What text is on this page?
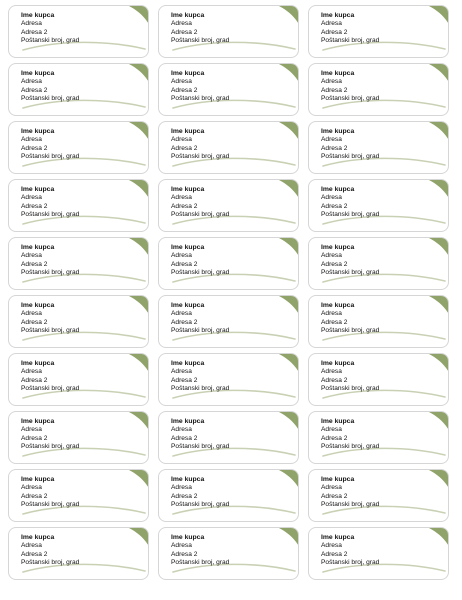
Ime kupca
Adresa
Adresa 2
Poštanski broj, grad
Ime kupca
Adresa
Adresa 2
Poštanski broj, grad
Ime kupca
Adresa
Adresa 2
Poštanski broj, grad
Ime kupca
Adresa
Adresa 2
Poštanski broj, grad
Ime kupca
Adresa
Adresa 2
Poštanski broj, grad
Ime kupca
Adresa
Adresa 2
Poštanski broj, grad
Ime kupca
Adresa
Adresa 2
Poštanski broj, grad
Ime kupca
Adresa
Adresa 2
Poštanski broj, grad
Ime kupca
Adresa
Adresa 2
Poštanski broj, grad
Ime kupca
Adresa
Adresa 2
Poštanski broj, grad
Ime kupca
Adresa
Adresa 2
Poštanski broj, grad
Ime kupca
Adresa
Adresa 2
Poštanski broj, grad
Ime kupca
Adresa
Adresa 2
Poštanski broj, grad
Ime kupca
Adresa
Adresa 2
Poštanski broj, grad
Ime kupca
Adresa
Adresa 2
Poštanski broj, grad
Ime kupca
Adresa
Adresa 2
Poštanski broj, grad
Ime kupca
Adresa
Adresa 2
Poštanski broj, grad
Ime kupca
Adresa
Adresa 2
Poštanski broj, grad
Ime kupca
Adresa
Adresa 2
Poštanski broj, grad
Ime kupca
Adresa
Adresa 2
Poštanski broj, grad
Ime kupca
Adresa
Adresa 2
Poštanski broj, grad
Ime kupca
Adresa
Adresa 2
Poštanski broj, grad
Ime kupca
Adresa
Adresa 2
Poštanski broj, grad
Ime kupca
Adresa
Adresa 2
Poštanski broj, grad
Ime kupca
Adresa
Adresa 2
Poštanski broj, grad
Ime kupca
Adresa
Adresa 2
Poštanski broj, grad
Ime kupca
Adresa
Adresa 2
Poštanski broj, grad
Ime kupca
Adresa
Adresa 2
Poštanski broj, grad
Ime kupca
Adresa
Adresa 2
Poštanski broj, grad
Ime kupca
Adresa
Adresa 2
Poštanski broj, grad
